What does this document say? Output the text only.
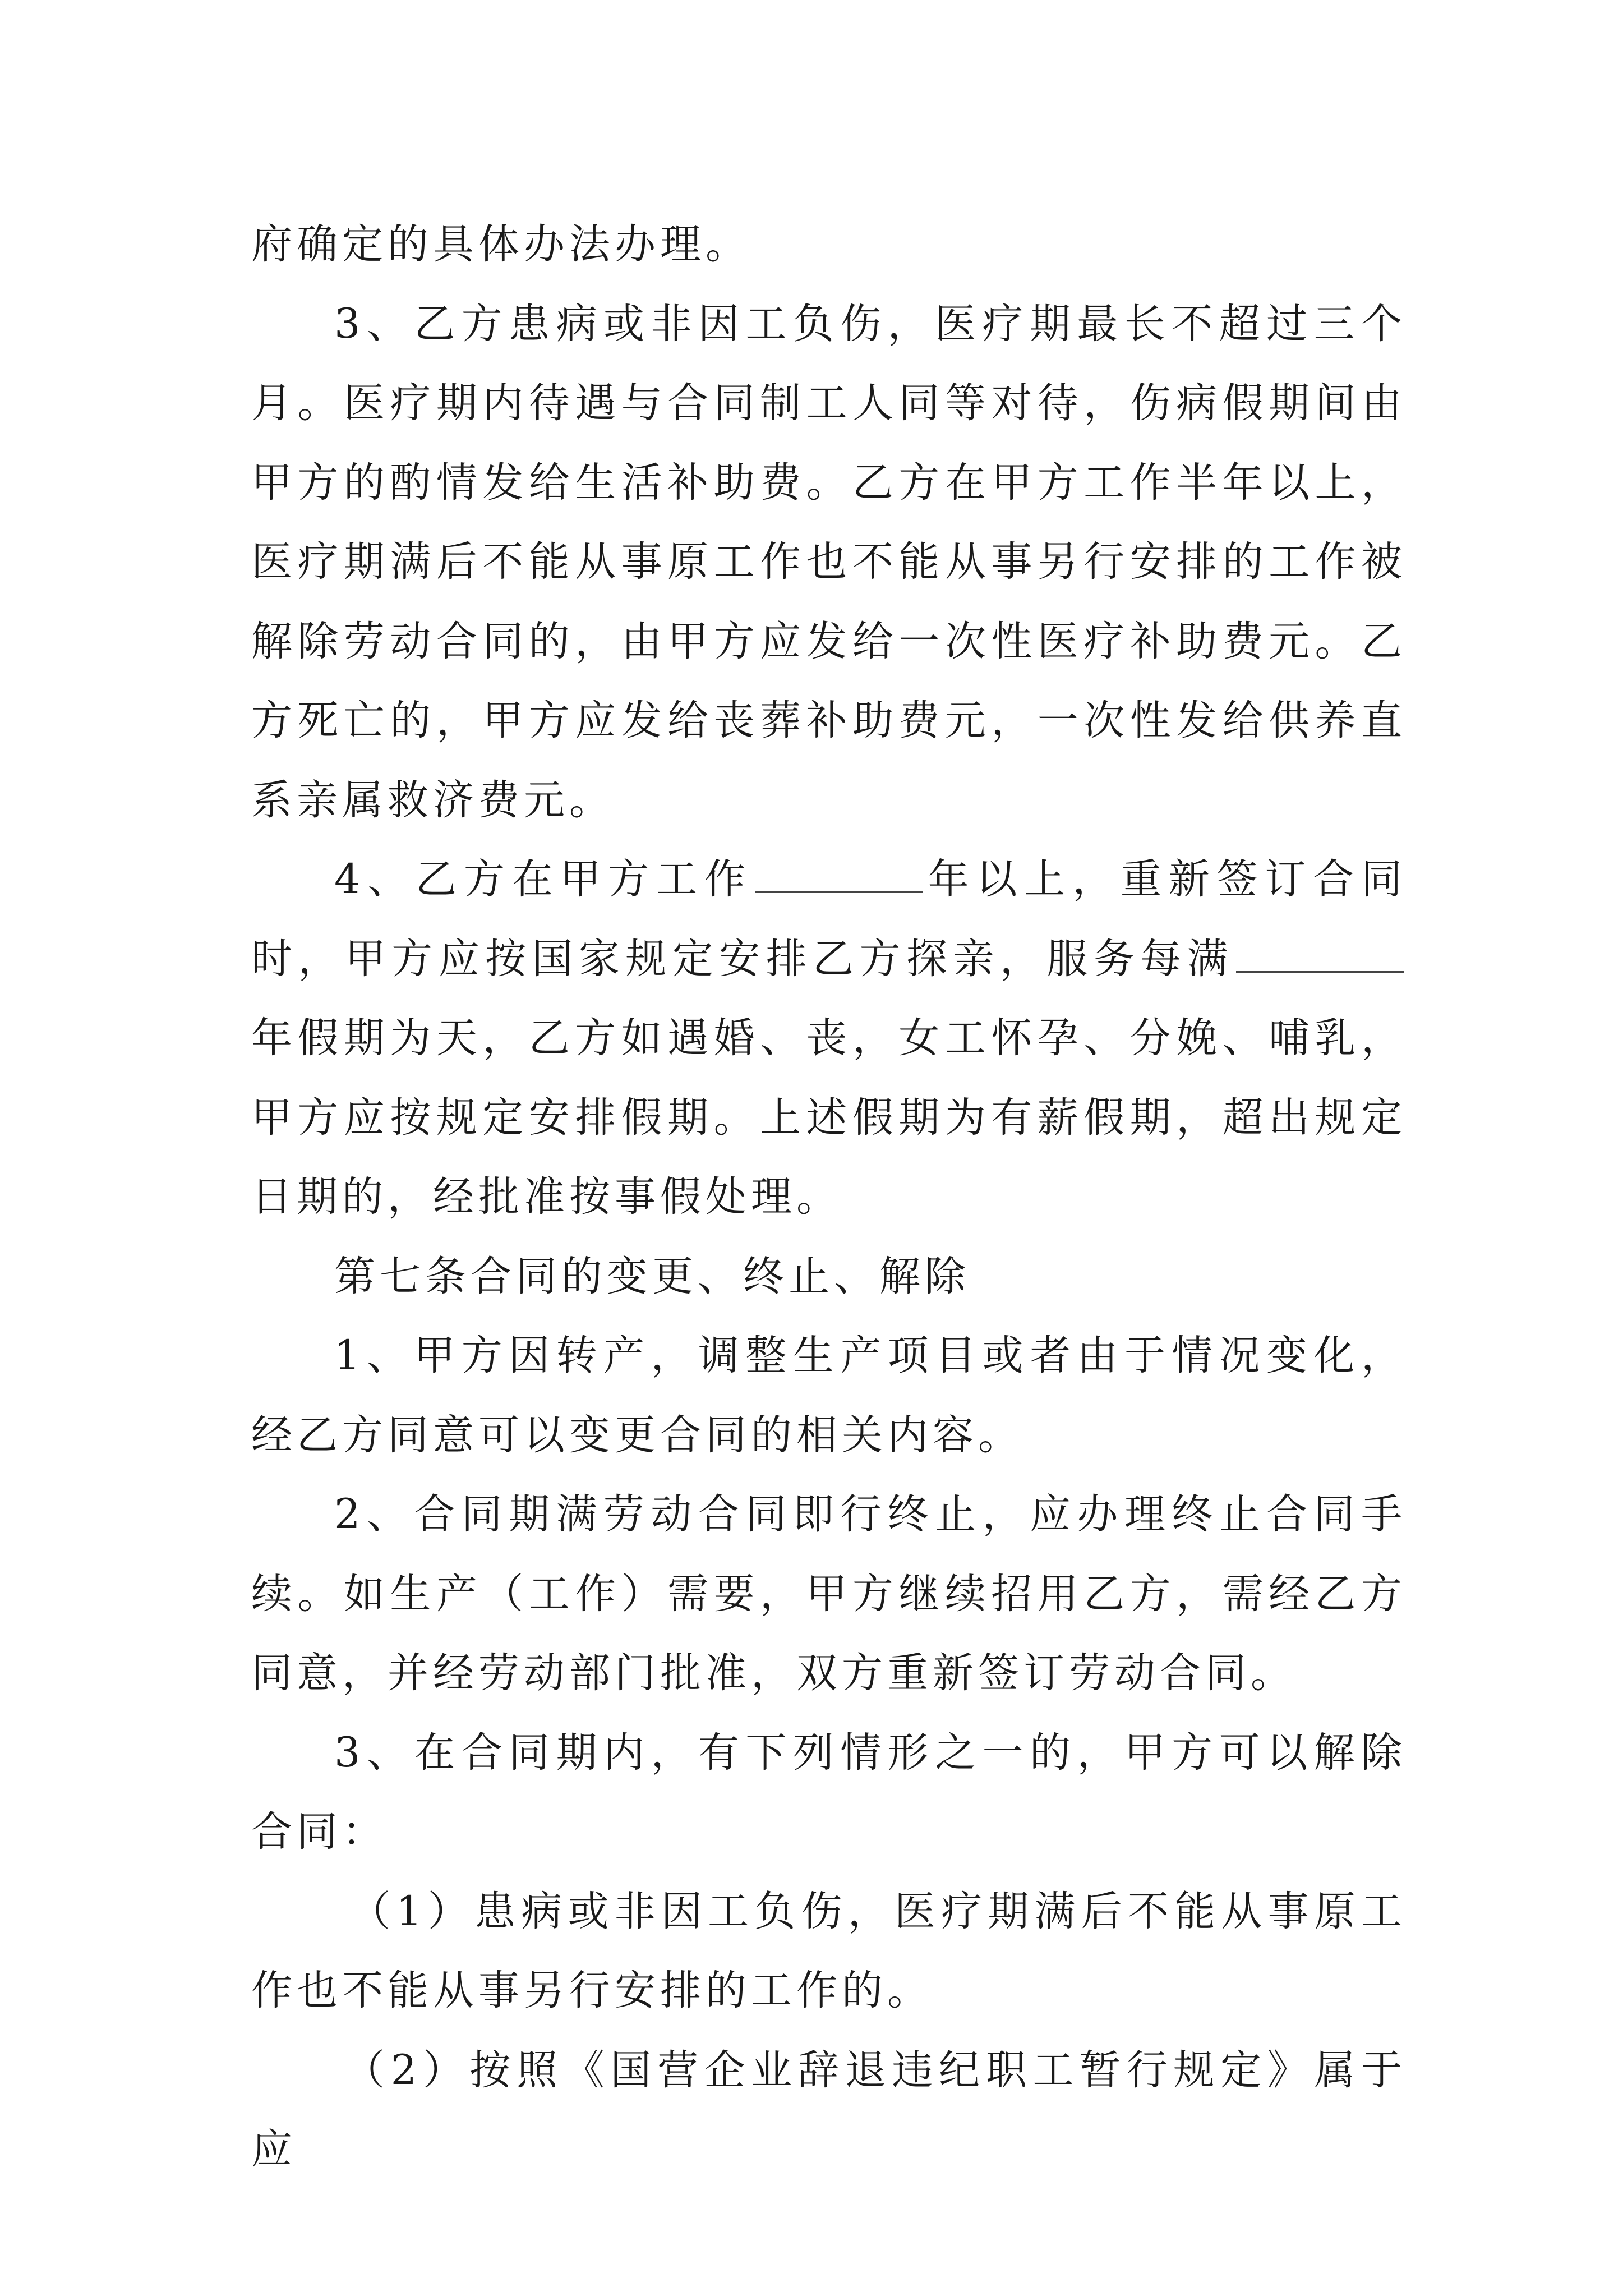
府确定的具体办法办理。

3、乙方患病或非因工负伤，医疗期最长不超过三个月。医疗期内待遇与合同制工人同等对待，伤病假期间由甲方的酌情发给生活补助费。乙方在甲方工作半年以上，医疗期满后不能从事原工作也不能从事另行安排的工作被解除劳动合同的，由甲方应发给一次性医疗补助费元。乙方死亡的，甲方应发给丧葬补助费元，一次性发给供养直系亲属救济费元。

4、乙方在甲方工作	年以上，重新签订合同时，甲方应按国家规定安排乙方探亲，服务每满年假期为天，乙方如遇婚、丧，女工怀孕、分娩、哺乳，甲方应按规定安排假期。上述假期为有薪假期，超出规定日期的，经批准按事假处理。

第七条合同的变更、终止、解除

1、甲方因转产，调整生产项目或者由于情况变化，经乙方同意可以变更合同的相关内容。

2、合同期满劳动合同即行终止，应办理终止合同手续。如生产（工作）需要，甲方继续招用乙方，需经乙方同意，并经劳动部门批准，双方重新签订劳动合同。

3、在合同期内，有下列情形之一的，甲方可以解除合同：

（1）患病或非因工负伤，医疗期满后不能从事原工作也不能从事另行安排的工作的。

（2）按照《国营企业辞退违纪职工暂行规定》属于应
